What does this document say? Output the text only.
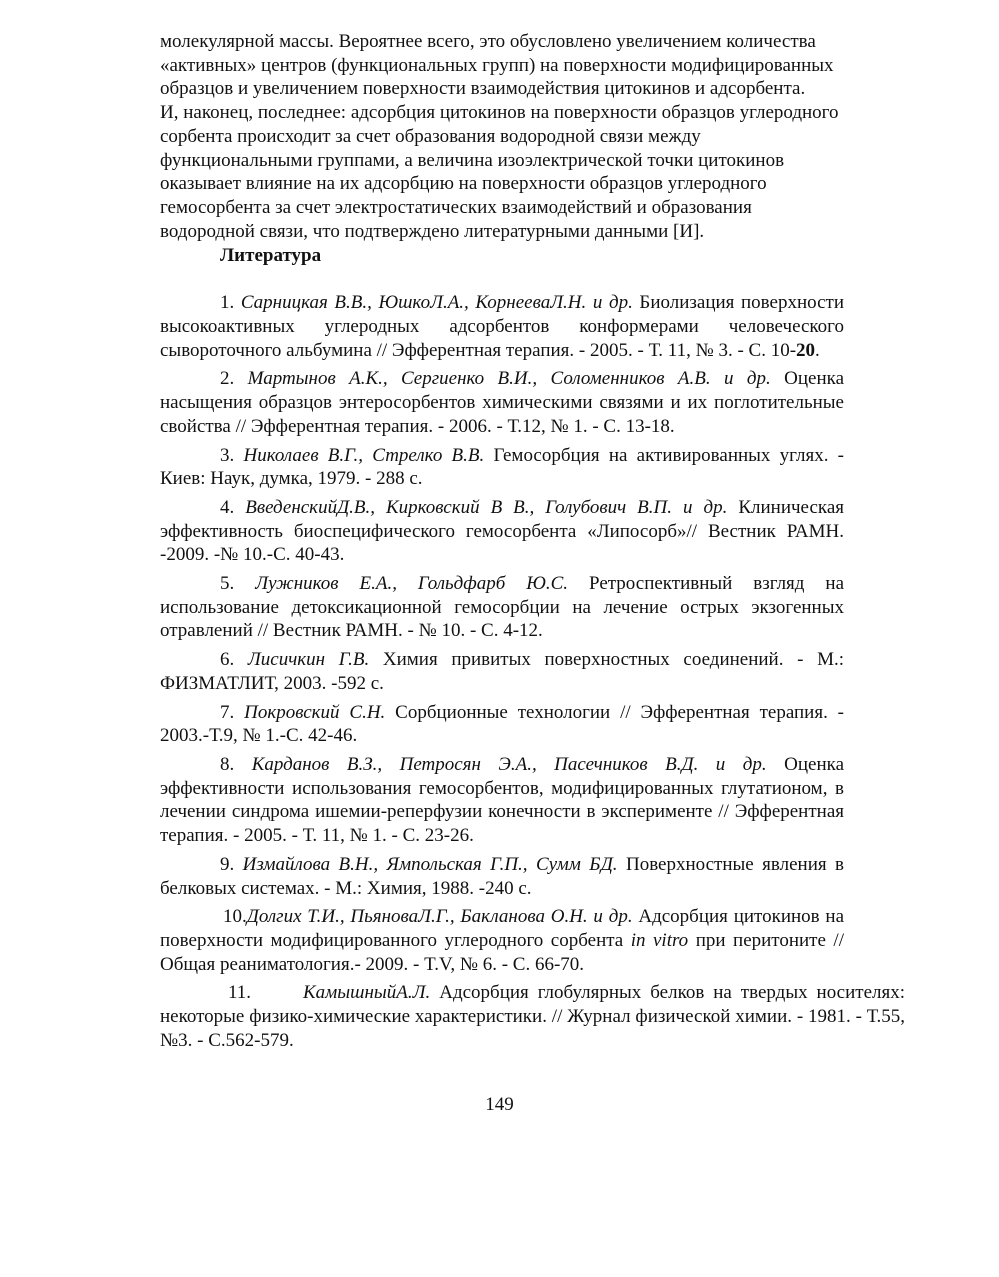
молекулярной массы. Вероятнее всего, это обусловлено увеличением количества

«активных» центров (функциональных групп) на поверхности модифицированных

образцов и увеличением поверхности взаимодействия цитокинов и адсорбента.

И, наконец, последнее: адсорбция цитокинов на поверхности образцов углеродного

сорбента происходит за счет образования водородной связи между

функциональными группами, а величина изоэлектрической точки цитокинов

оказывает влияние на их адсорбцию на поверхности образцов углеродного

гемосорбента за счет электростатических взаимодействий и образования

водородной связи, что подтверждено литературными данными [И].

Литература

1. Сарницкая В.В., ЮшкоЛ.А., КорнееваЛ.Н. и др. Биолизация поверхности высокоактивных углеродных адсорбентов конформерами человеческого сывороточного альбумина // Эфферентная терапия. - 2005. - Т. 11, № 3. - С. 10-20.

2. Мартынов А.К., Сергиенко В.И., Соломенников А.В. и др. Оценка насыщения образцов энтеросорбентов химическими связями и их поглотительные свойства // Эфферентная терапия. - 2006. - Т.12, № 1. - С. 13-18.

3. Николаев В.Г., Стрелко В.В. Гемосорбция на активированных углях. - Киев: Наук, думка, 1979. - 288 с.

4. ВведенскийД.В., Кирковский В В., Голубович В.П. и др. Клиническая эффективность биоспецифического гемосорбента «Липосорб»// Вестник РАМН. -2009. -№ 10.-С. 40-43.

5. Лужников Е.А., Гольдфарб Ю.С. Ретроспективный взгляд на использование детоксикационной гемосорбции на лечение острых экзогенных отравлений // Вестник РАМН. - № 10. - С. 4-12.

6. Лисичкин Г.В. Химия привитых поверхностных соединений. - М.: ФИЗМАТЛИТ, 2003. -592 с.

7. Покровский С.Н. Сорбционные технологии // Эфферентная терапия. - 2003.-Т.9, № 1.-С. 42-46.

8. Карданов В.З., Петросян Э.А., Пасечников В.Д. и др. Оценка эффективности использования гемосорбентов, модифицированных глутатионом, в лечении синдрома ишемии-реперфузии конечности в эксперименте // Эфферентная терапия. - 2005. - Т. 11, № 1. - С. 23-26.

9. Измайлова В.Н., Ямпольская Г.П., Сумм БД. Поверхностные явления в белковых системах. - М.: Химия, 1988. -240 с.

10.Долгих Т.И., ПьяноваЛ.Г., Бакланова О.Н. и др. Адсорбция цитокинов на поверхности модифицированного углеродного сорбента in vitro при перитоните // Общая реаниматология.- 2009. - T.V, № 6. - С. 66-70.

11.	КамышныйА.Л. Адсорбция глобулярных белков на твердых носителях: некоторые физико-химические характеристики. // Журнал физической химии. - 1981. - Т.55, №3. - С.562-579.

149
